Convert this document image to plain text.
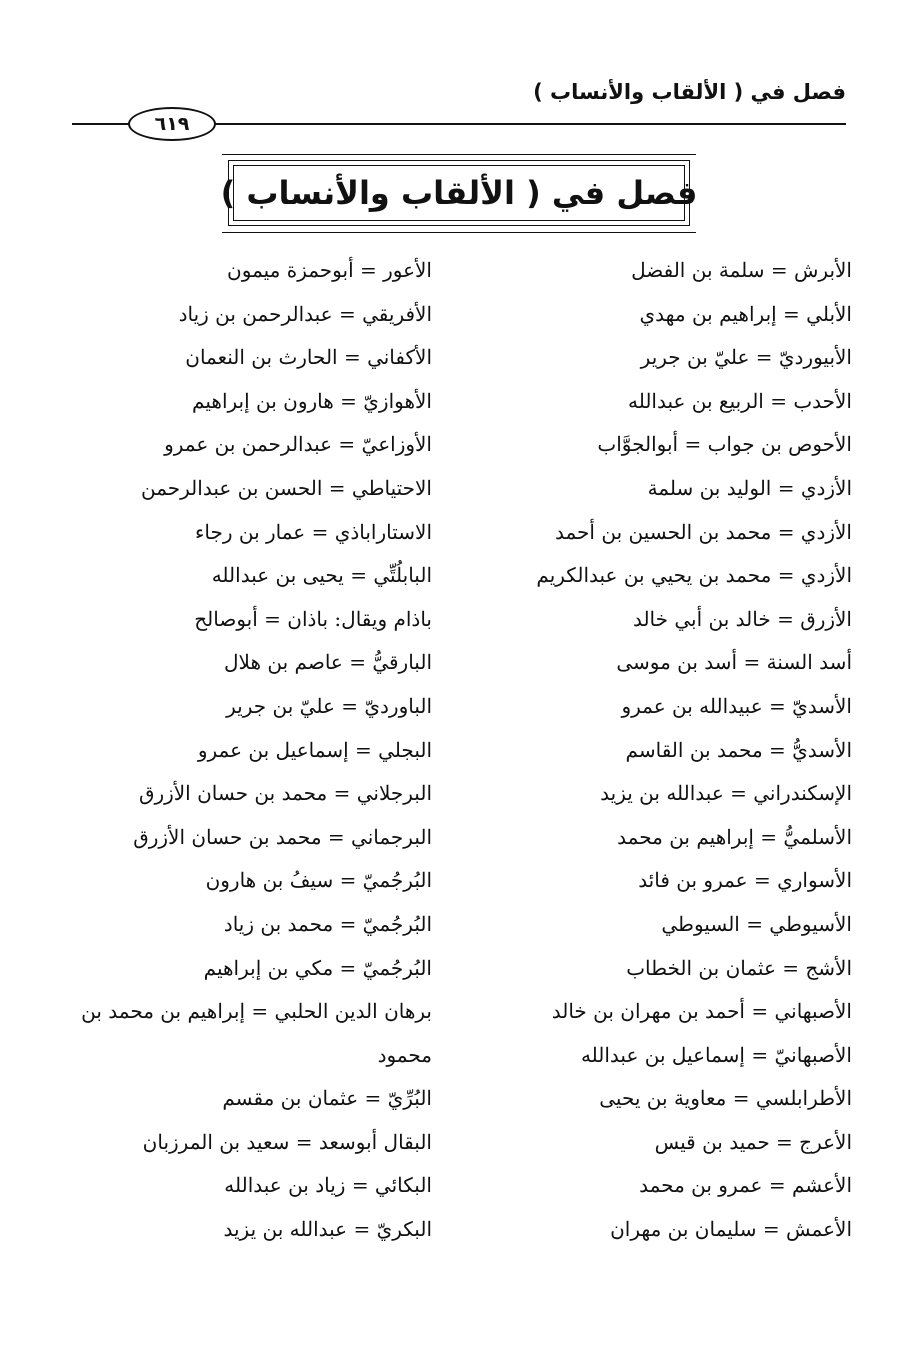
فصل في ( الألقاب والأنساب )
٦١٩
فصل في ( الألقاب والأنساب )
الأبرش = سلمة بن الفضل
الأبلي = إبراهيم بن مهدي
الأبيورديّ = عليّ بن جرير
الأحدب = الربيع بن عبدالله
الأحوص بن جواب = أبوالجوَّاب
الأزدي = الوليد بن سلمة
الأزدي = محمد بن الحسين بن أحمد
الأزدي = محمد بن يحيي بن عبدالكريم
الأزرق = خالد بن أبي خالد
أسد السنة = أسد بن موسى
الأسديّ = عبيدالله بن عمرو
الأسديُّ = محمد بن القاسم
الإسكندراني = عبدالله بن يزيد
الأسلميُّ = إبراهيم بن محمد
الأسواري = عمرو بن فائد
الأسيوطي = السيوطي
الأشج = عثمان بن الخطاب
الأصبهاني = أحمد بن مهران بن خالد
الأصبهانيّ = إسماعيل بن عبدالله
الأطرابلسي = معاوية بن يحيى
الأعرج = حميد بن قيس
الأعشم = عمرو بن محمد
الأعمش = سليمان بن مهران
الأعور = أبوحمزة ميمون
الأفريقي = عبدالرحمن بن زياد
الأكفاني = الحارث بن النعمان
الأهوازيّ = هارون بن إبراهيم
الأوزاعيّ = عبدالرحمن بن عمرو
الاحتياطي = الحسن بن عبدالرحمن
الاستاراباذي = عمار بن رجاء
البابلُتِّي = يحيى بن عبدالله
باذام ويقال: باذان = أبوصالح
البارقيُّ = عاصم بن هلال
الباورديّ = عليّ بن جرير
البجلي = إسماعيل بن عمرو
البرجلاني = محمد بن حسان الأزرق
البرجماني = محمد بن حسان الأزرق
البُرجُميّ = سيفُ بن هارون
البُرجُميّ = محمد بن زياد
البُرجُميّ = مكي بن إبراهيم
برهان الدين الحلبي = إبراهيم بن محمد بن
محمود
البُرِّيّ = عثمان بن مقسم
البقال أبوسعد = سعيد بن المرزبان
البكائي = زياد بن عبدالله
البكريّ = عبدالله بن يزيد
